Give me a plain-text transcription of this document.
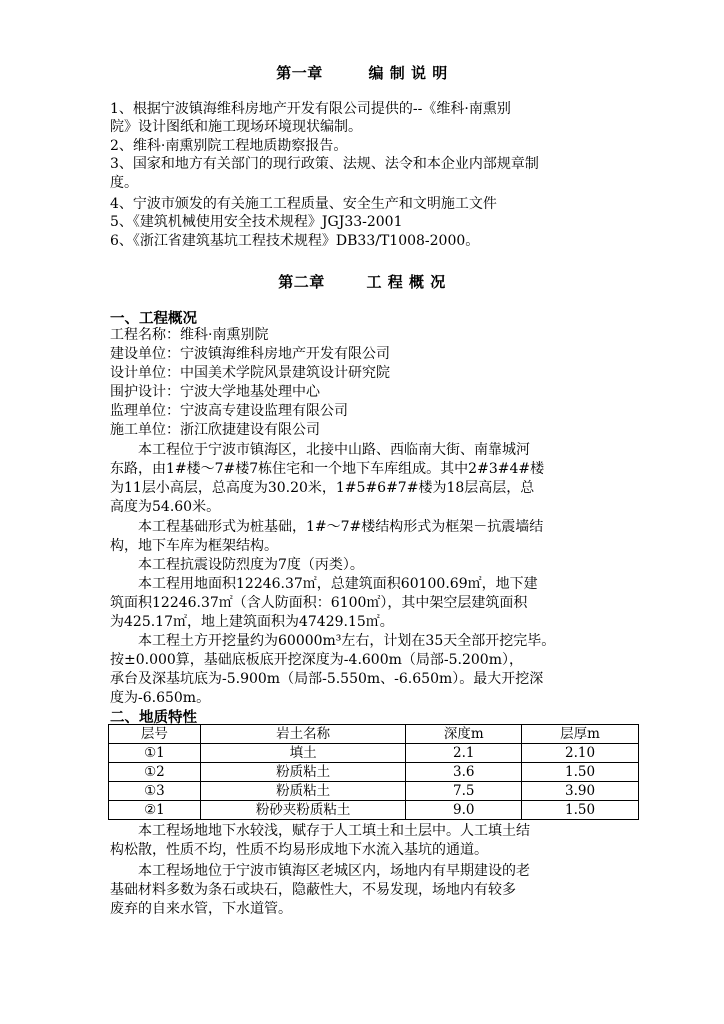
第一章	编 制 说 明
1、根据宁波镇海维科房地产开发有限公司提供的--《维科·南熏别
院》设计图纸和施工现场环境现状编制。
2、维科·南熏别院工程地质勘察报告。
3、国家和地方有关部门的现行政策、法规、法令和本企业内部规章制
度。
4、宁波市颁发的有关施工工程质量、安全生产和文明施工文件
5、《建筑机械使用安全技术规程》JGJ33-2001
6、《浙江省建筑基坑工程技术规程》DB33/T1008-2000。
第二章	工 程 概 况
一、工程概况
工程名称：维科·南熏别院
建设单位：宁波镇海维科房地产开发有限公司
设计单位：中国美术学院风景建筑设计研究院
围护设计：宁波大学地基处理中心
监理单位：宁波高专建设监理有限公司
施工单位：浙江欣捷建设有限公司
　　本工程位于宁波市镇海区，北接中山路、西临南大街、南靠城河
东路，由1#楼～7#楼7栋住宅和一个地下车库组成。其中2#3#4#楼
为11层小高层，总高度为30.20米，1#5#6#7#楼为18层高层，总
高度为54.60米。
　　本工程基础形式为桩基础，1#～7#楼结构形式为框架－抗震墙结
构，地下车库为框架结构。
　　本工程抗震设防烈度为7度（丙类）。
　　本工程用地面积12246.37㎡，总建筑面积60100.69㎡，地下建
筑面积12246.37㎡（含人防面积：6100㎡），其中架空层建筑面积
为425.17㎡，地上建筑面积为47429.15㎡。
　　本工程土方开挖量约为60000m³左右，计划在35天全部开挖完毕。
按±0.000算，基础底板底开挖深度为-4.600m（局部-5.200m），
承台及深基坑底为-5.900m（局部-5.550m、-6.650m）。最大开挖深
度为-6.650m。
二、地质特性
层号	岩土名称	深度m	层厚m
①1	填土	2.1	2.10
①2	粉质粘土	3.6	1.50
①3	粉质粘土	7.5	3.90
②1	粉砂夹粉质粘土	9.0	1.50
　　本工程场地地下水较浅，赋存于人工填土和土层中。人工填土结
构松散，性质不均，性质不均易形成地下水流入基坑的通道。
　　本工程场地位于宁波市镇海区老城区内，场地内有早期建设的老
基础材料多数为条石或块石，隐蔽性大，不易发现，场地内有较多
废弃的自来水管，下水道管。
